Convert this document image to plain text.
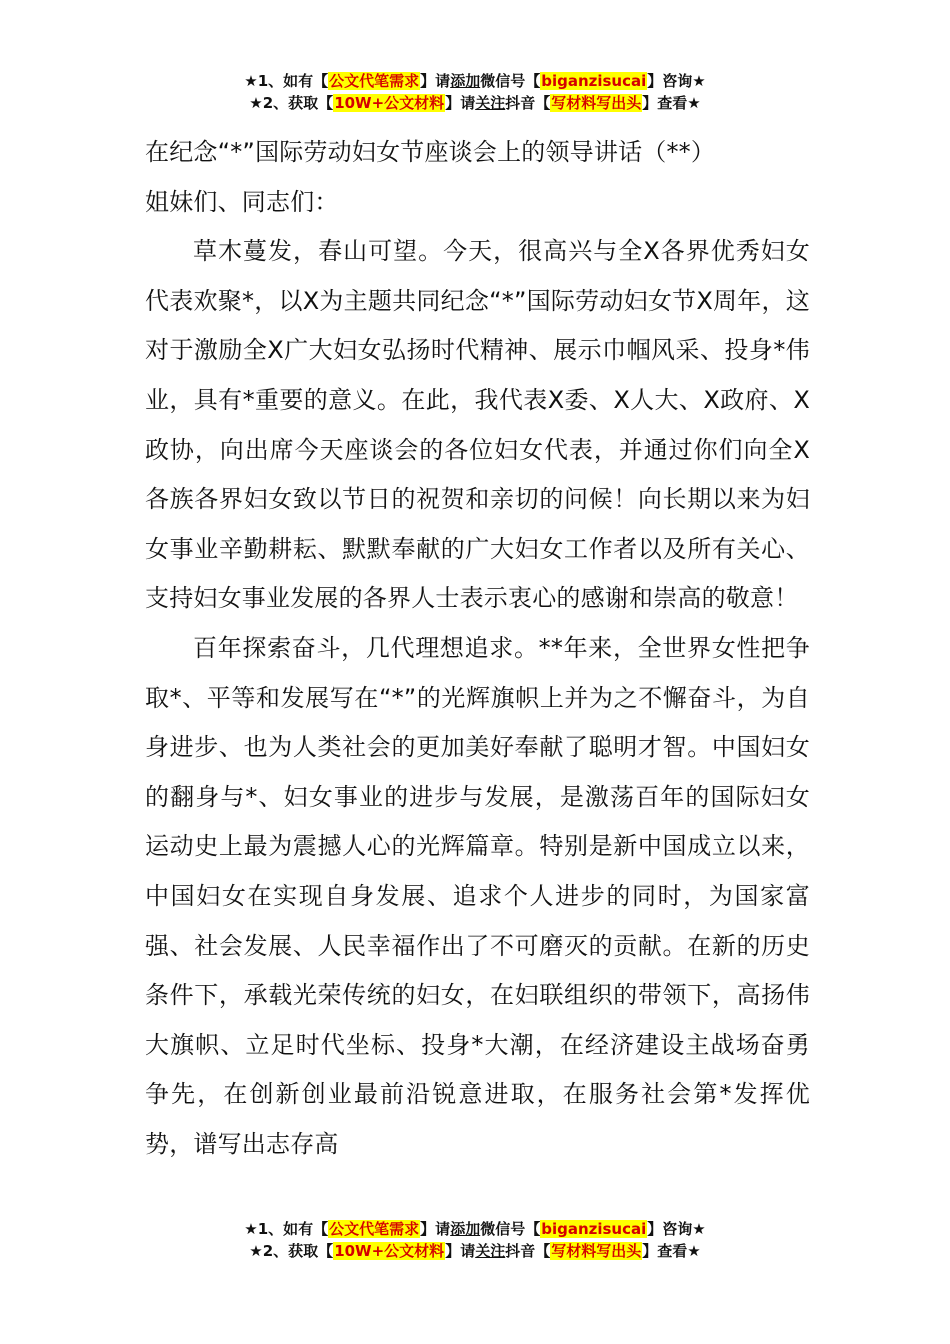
★1、如有【公文代笔需求】请添加微信号【biganzisucai】咨询★
★2、获取【10W+公文材料】请关注抖音【写材料写出头】查看★

在纪念“*”国际劳动妇女节座谈会上的领导讲话（**）

姐妹们、同志们：

草木蔓发，春山可望。今天，很高兴与全X各界优秀妇女代表欢聚*，以X为主题共同纪念“*”国际劳动妇女节X周年，这对于激励全X广大妇女弘扬时代精神、展示巾帼风采、投身*伟业，具有*重要的意义。在此，我代表X委、X人大、X政府、X政协，向出席今天座谈会的各位妇女代表，并通过你们向全X各族各界妇女致以节日的祝贺和亲切的问候！向长期以来为妇女事业辛勤耕耘、默默奉献的广大妇女工作者以及所有关心、支持妇女事业发展的各界人士表示衷心的感谢和崇高的敬意！

百年探索奋斗，几代理想追求。**年来，全世界女性把争取*、平等和发展写在“*”的光辉旗帜上并为之不懈奋斗，为自身进步、也为人类社会的更加美好奉献了聪明才智。中国妇女的翻身与*、妇女事业的进步与发展，是激荡百年的国际妇女运动史上最为震撼人心的光辉篇章。特别是新中国成立以来，中国妇女在实现自身发展、追求个人进步的同时，为国家富强、社会发展、人民幸福作出了不可磨灭的贡献。在新的历史条件下，承载光荣传统的妇女，在妇联组织的带领下，高扬伟大旗帜、立足时代坐标、投身*大潮，在经济建设主战场奋勇争先，在创新创业最前沿锐意进取，在服务社会第*发挥优势，谱写出志存高

★1、如有【公文代笔需求】请添加微信号【biganzisucai】咨询★
★2、获取【10W+公文材料】请关注抖音【写材料写出头】查看★
